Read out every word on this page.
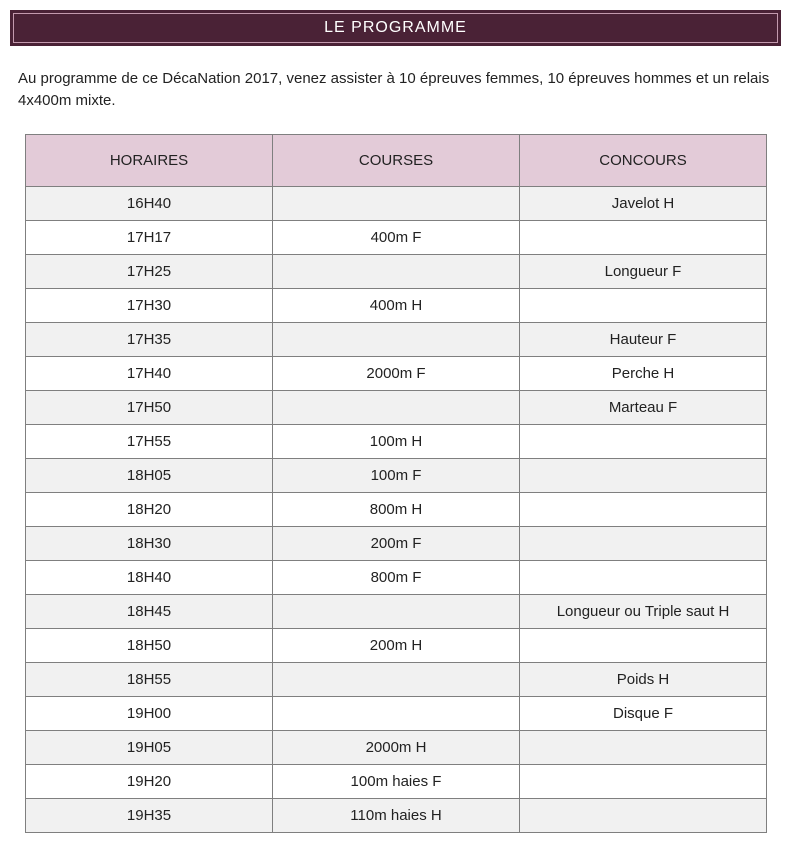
LE PROGRAMME

Au programme de ce DécaNation 2017, venez assister à 10 épreuves femmes, 10 épreuves hommes et un relais 4x400m mixte.

HORAIRES	COURSES	CONCOURS
16H40		Javelot H
17H17	400m F	
17H25		Longueur F
17H30	400m H	
17H35		Hauteur F
17H40	2000m F	Perche H
17H50		Marteau F
17H55	100m H	
18H05	100m F	
18H20	800m H	
18H30	200m F	
18H40	800m F	
18H45		Longueur ou Triple saut H
18H50	200m H	
18H55		Poids H
19H00		Disque F
19H05	2000m H	
19H20	100m haies F	
19H35	110m haies H	
